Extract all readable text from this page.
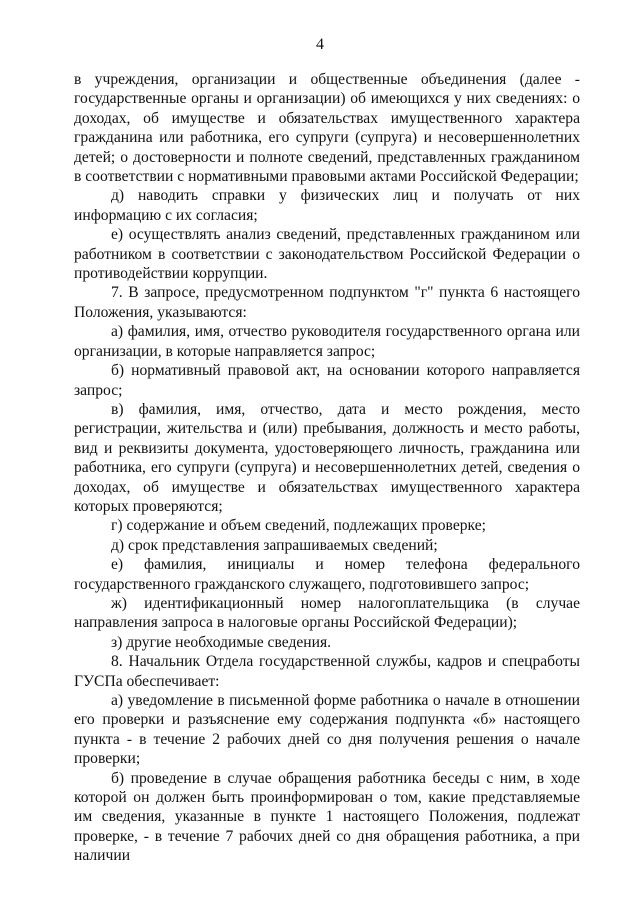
4

в учреждения, организации и общественные объединения (далее - государственные органы и организации) об имеющихся у них сведениях: о доходах, об имуществе и обязательствах имущественного характера гражданина или работника, его супруги (супруга) и несовершеннолетних детей; о достоверности и полноте сведений, представленных гражданином в соответствии с нормативными правовыми актами Российской Федерации;

д) наводить справки у физических лиц и получать от них информацию с их согласия;

е) осуществлять анализ сведений, представленных гражданином или работником в соответствии с законодательством Российской Федерации о противодействии коррупции.

7. В запросе, предусмотренном подпунктом "г" пункта 6 настоящего Положения, указываются:

а) фамилия, имя, отчество руководителя государственного органа или организации, в которые направляется запрос;

б) нормативный правовой акт, на основании которого направляется запрос;

в) фамилия, имя, отчество, дата и место рождения, место регистрации, жительства и (или) пребывания, должность и место работы, вид и реквизиты документа, удостоверяющего личность, гражданина или работника, его супруги (супруга) и несовершеннолетних детей, сведения о доходах, об имуществе и обязательствах имущественного характера которых проверяются;

г) содержание и объем сведений, подлежащих проверке;

д) срок представления запрашиваемых сведений;

е) фамилия, инициалы и номер телефона федерального государственного гражданского служащего, подготовившего запрос;

ж) идентификационный номер налогоплательщика (в случае направления запроса в налоговые органы Российской Федерации);

з) другие необходимые сведения.

8. Начальник Отдела государственной службы, кадров и спецработы ГУСПа обеспечивает:

а) уведомление в письменной форме работника о начале в отношении его проверки и разъяснение ему содержания подпункта «б» настоящего пункта - в течение 2 рабочих дней со дня получения решения о начале проверки;

б) проведение в случае обращения работника беседы с ним, в ходе которой он должен быть проинформирован о том, какие представляемые им сведения, указанные в пункте 1 настоящего Положения, подлежат проверке, - в течение 7 рабочих дней со дня обращения работника, а при наличии
